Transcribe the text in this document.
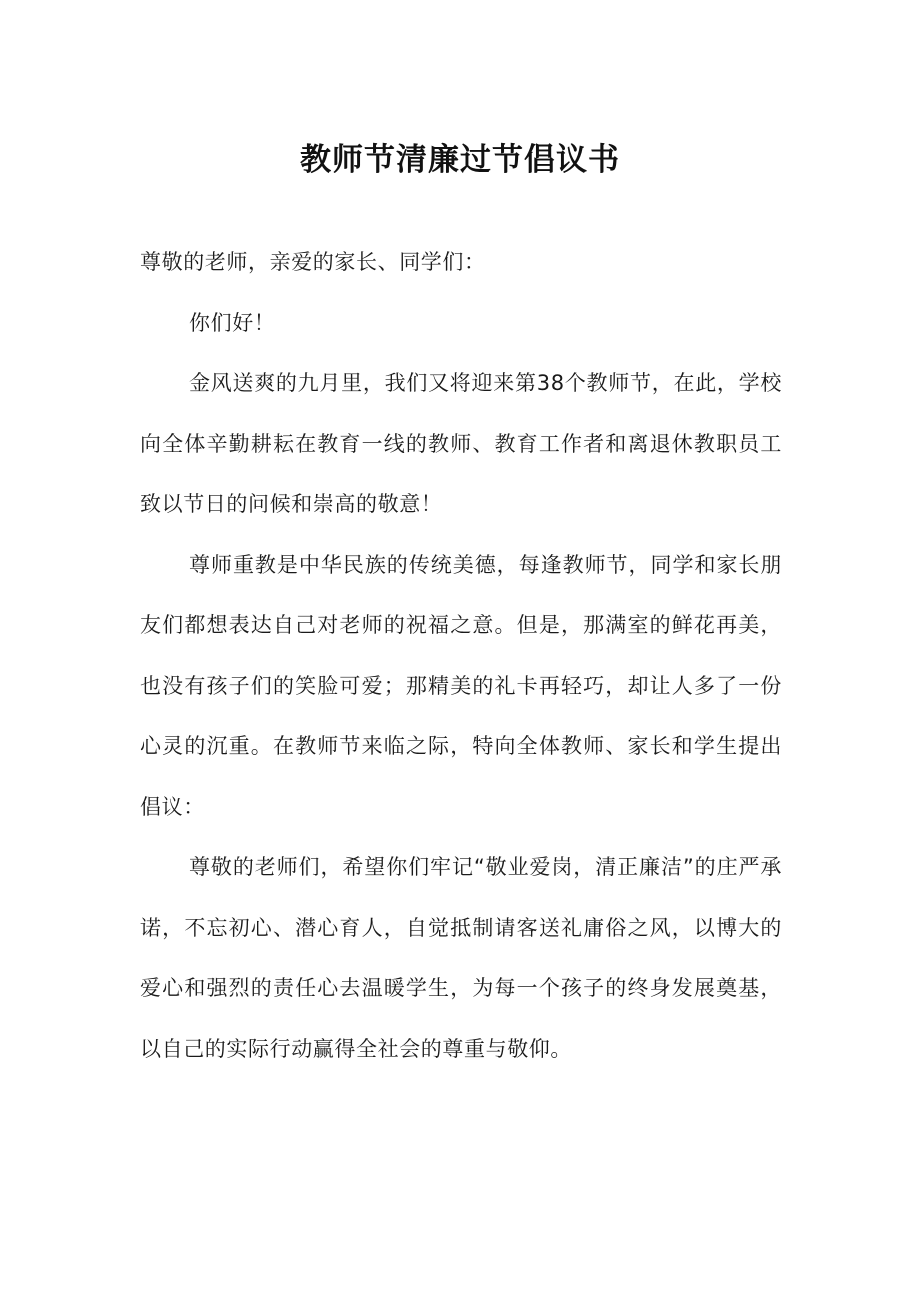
教师节清廉过节倡议书

尊敬的老师，亲爱的家长、同学们：

你们好！

金风送爽的九月里，我们又将迎来第38个教师节，在此，学校向全体辛勤耕耘在教育一线的教师、教育工作者和离退休教职员工致以节日的问候和崇高的敬意！

尊师重教是中华民族的传统美德，每逢教师节，同学和家长朋友们都想表达自己对老师的祝福之意。但是，那满室的鲜花再美，也没有孩子们的笑脸可爱；那精美的礼卡再轻巧，却让人多了一份心灵的沉重。在教师节来临之际，特向全体教师、家长和学生提出倡议：

尊敬的老师们，希望你们牢记“敬业爱岗，清正廉洁”的庄严承诺，不忘初心、潜心育人，自觉抵制请客送礼庸俗之风，以博大的爱心和强烈的责任心去温暖学生，为每一个孩子的终身发展奠基，以自己的实际行动赢得全社会的尊重与敬仰。
